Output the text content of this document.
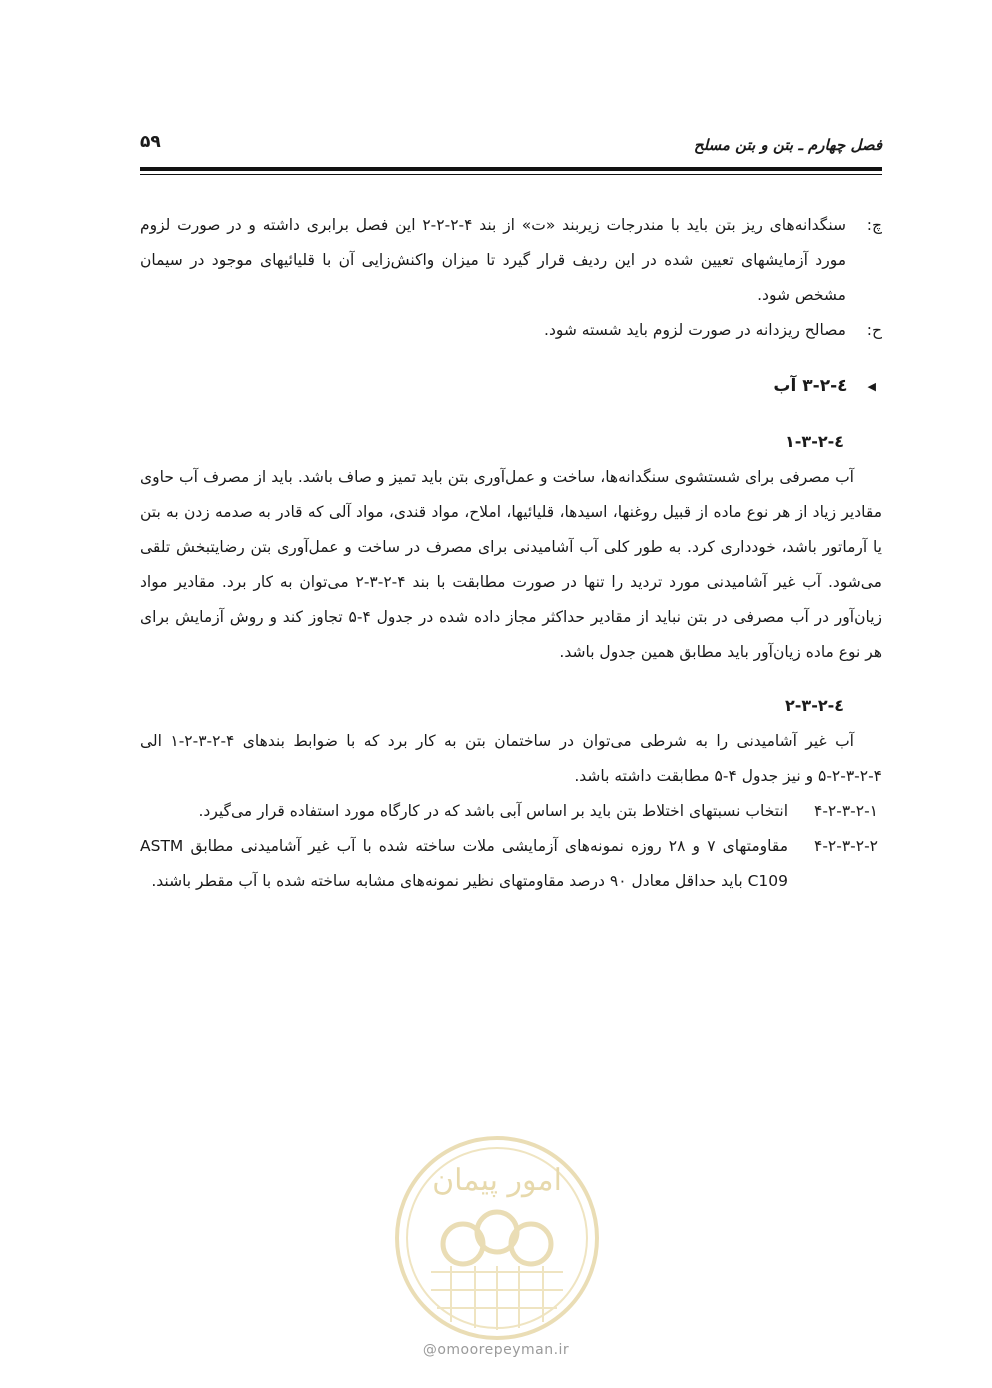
فصل چهارم ـ بتن و بتن مسلح
۵۹
چ:
سنگدانه‌های ریز بتن باید با مندرجات زیربند «ت» از بند ۴-۲-۲-۲ این فصل برابری داشته و در صورت لزوم مورد آزمایشهای تعیین شده در این ردیف قرار گیرد تا میزان واکنش‌زایی آن با قلیائیهای موجود در سیمان مشخص شود.
ح:
مصالح ریزدانه در صورت لزوم باید شسته شود.
◀
٤-٢-٣ آب
٤-٢-٣-١
آب مصرفی برای شستشوی سنگدانه‌ها، ساخت و عمل‌آوری بتن باید تمیز و صاف باشد. باید از مصرف آب حاوی مقادیر زیاد از هر نوع ماده از قبیل روغنها، اسیدها، قلیائیها، املاح، مواد قندی، مواد آلی که قادر به صدمه زدن به بتن یا آرماتور باشد، خودداری کرد. به طور کلی آب آشامیدنی برای مصرف در ساخت و عمل‌آوری بتن رضایتبخش تلقی می‌شود. آب غیر آشامیدنی مورد تردید را تنها در صورت مطابقت با بند ۴-۲-۳-۲ می‌توان به کار برد. مقادیر مواد زیان‌آور در آب مصرفی در بتن نباید از مقادیر حداکثر مجاز داده شده در جدول ۴-۵ تجاوز کند و روش آزمایش برای هر نوع ماده زیان‌آور باید مطابق همین جدول باشد.
٤-٢-٣-٢
آب غیر آشامیدنی را به شرطی می‌توان در ساختمان بتن به کار برد که با ضوابط بندهای ۴-۲-۳-۲-۱ الی ۴-۲-۳-۲-۵ و نیز جدول ۴-۵ مطابقت داشته باشد.
۴-۲-۳-۲-۱
انتخاب نسبتهای اختلاط بتن باید بر اساس آبی باشد که در کارگاه مورد استفاده قرار می‌گیرد.
۴-۲-۳-۲-۲
مقاومتهای ۷ و ۲۸ روزه نمونه‌های آزمایشی ملات ساخته شده با آب غیر آشامیدنی مطابق ASTM C109 باید حداقل معادل ۹۰ درصد مقاومتهای نظیر نمونه‌های مشابه ساخته شده با آب مقطر باشند.
امور پیمان
@omoorepeyman.ir
